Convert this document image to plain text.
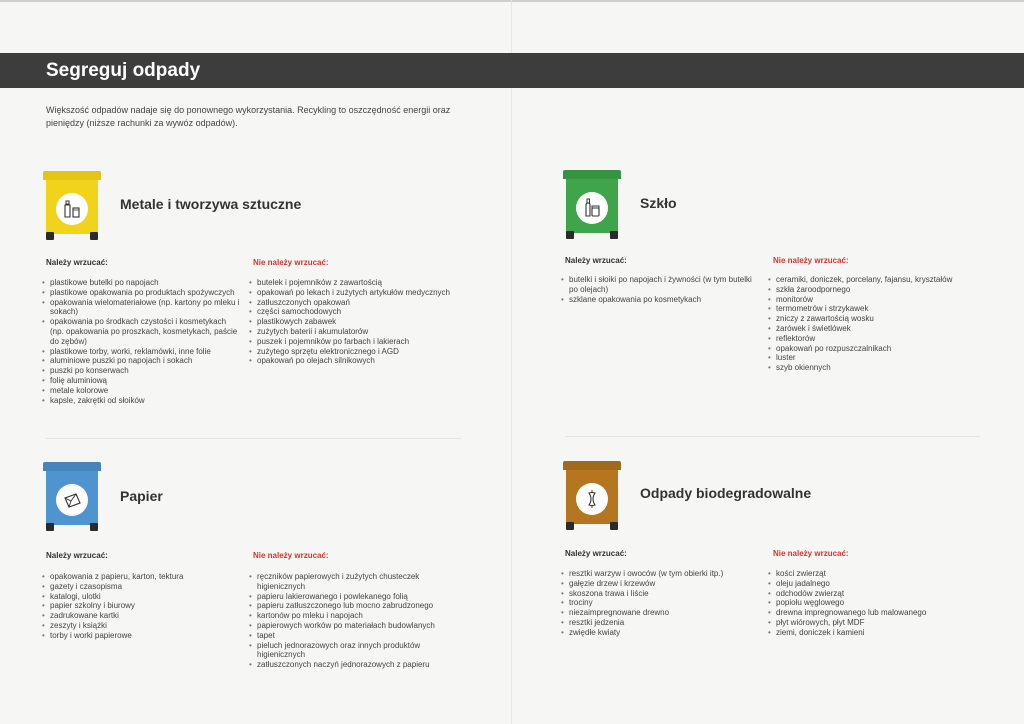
Segreguj odpady
Większość odpadów nadaje się do ponownego wykorzystania. Recykling to oszczędność energii oraz pieniędzy (niższe rachunki za wywóz odpadów).
Metale i tworzywa sztuczne
Należy wrzucać:
• plastikowe butelki po napojach
• plastikowe opakowania po produktach spożywczych
• opakowania wielomateriałowe (np. kartony po mleku i sokach)
• opakowania po środkach czystości i kosmetykach (np. opakowania po proszkach, kosmetykach, paście do zębów)
• plastikowe torby, worki, reklamówki, inne folie
• aluminiowe puszki po napojach i sokach
• puszki po konserwach
• folię aluminiową
• metale kolorowe
• kapsle, zakrętki od słoików
Nie należy wrzucać:
• butelek i pojemników z zawartością
• opakowań po lekach i zużytych artykułów medycznych
• zatłuszczonych opakowań
• części samochodowych
• plastikowych zabawek
• zużytych baterii i akumulatorów
• puszek i pojemników po farbach i lakierach
• zużytego sprzętu elektronicznego i AGD
• opakowań po olejach silnikowych
Szkło
Należy wrzucać:
• butelki i słoiki po napojach i żywności (w tym butelki po olejach)
• szklane opakowania po kosmetykach
Nie należy wrzucać:
• ceramiki, doniczek, porcelany, fajansu, kryształów
• szkła żaroodpornego
• monitorów
• termometrów i strzykawek
• zniczy z zawartością wosku
• żarówek i świetlówek
• reflektorów
• opakowań po rozpuszczalnikach
• luster
• szyb okiennych
Papier
Należy wrzucać:
• opakowania z papieru, karton, tektura
• gazety i czasopisma
• katalogi, ulotki
• papier szkolny i biurowy
• zadrukowane kartki
• zeszyty i książki
• torby i worki papierowe
Nie należy wrzucać:
• ręczników papierowych i zużytych chusteczek higienicznych
• papieru lakierowanego i powlekanego folią
• papieru zatłuszczonego lub mocno zabrudzonego
• kartonów po mleku i napojach
• papierowych worków po materiałach budowlanych
• tapet
• pieluch jednorazowych oraz innych produktów higienicznych
• zatłuszczonych naczyń jednorazowych z papieru
Odpady biodegradowalne
Należy wrzucać:
• resztki warzyw i owoców (w tym obierki itp.)
• gałęzie drzew i krzewów
• skoszona trawa i liście
• trociny
• niezaimpregnowane drewno
• resztki jedzenia
• zwiędłe kwiaty
Nie należy wrzucać:
• kości zwierząt
• oleju jadalnego
• odchodów zwierząt
• popiołu węglowego
• drewna impregnowanego lub malowanego
• płyt wiórowych, płyt MDF
• ziemi, doniczek i kamieni
